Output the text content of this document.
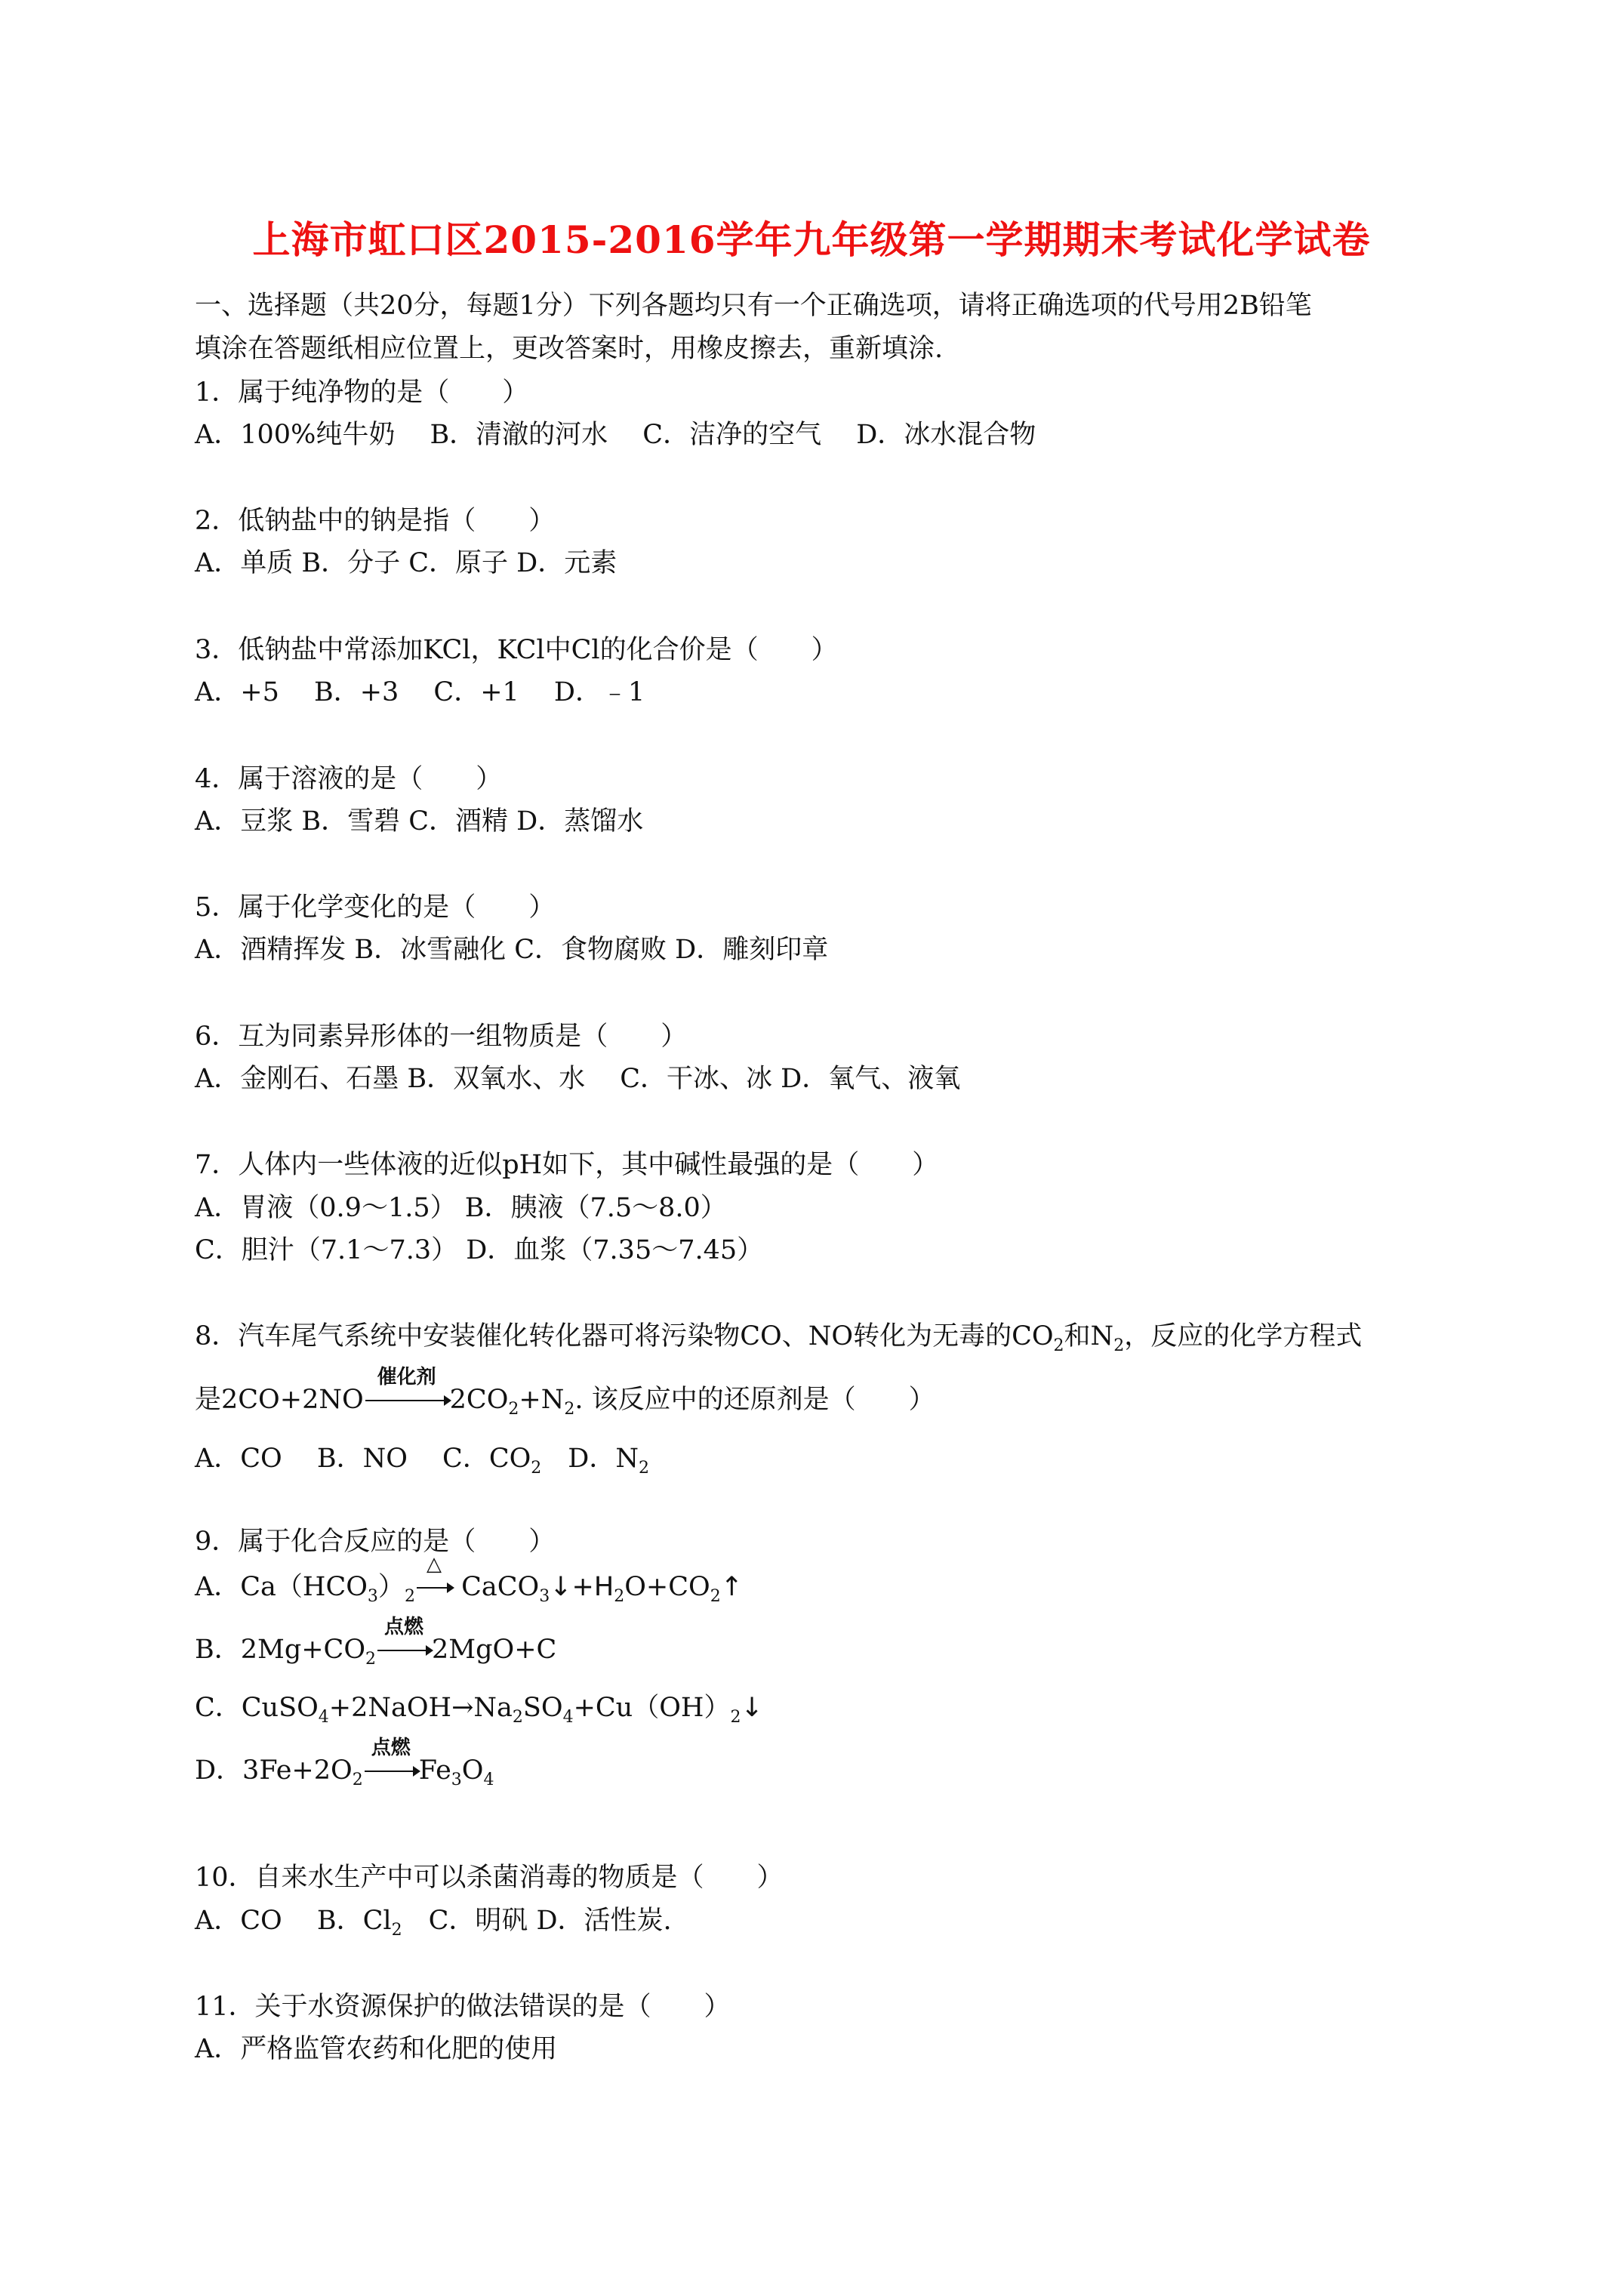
上海市虹口区2015-2016学年九年级第一学期期末考试化学试卷
一、选择题（共20分，每题1分）下列各题均只有一个正确选项，请将正确选项的代号用2B铅笔
填涂在答题纸相应位置上，更改答案时，用橡皮擦去，重新填涂.
1．属于纯净物的是（　　）
A．100%纯牛奶　 B．清澈的河水　 C．洁净的空气　 D．冰水混合物
2．低钠盐中的钠是指（　　）
A．单质 B．分子 C．原子 D．元素
3．低钠盐中常添加KCl，KCl中Cl的化合价是（　　）
A．+5　 B．+3　 C．+1　 D．﹣1
4．属于溶液的是（　　）
A．豆浆 B．雪碧 C．酒精 D．蒸馏水
5．属于化学变化的是（　　）
A．酒精挥发 B．冰雪融化 C．食物腐败 D．雕刻印章
6．互为同素异形体的一组物质是（　　）
A．金刚石、石墨 B．双氧水、水　 C．干冰、冰 D．氧气、液氧
7．人体内一些体液的近似pH如下，其中碱性最强的是（　　）
A．胃液（0.9～1.5） B．胰液（7.5～8.0）
C．胆汁（7.1～7.3） D．血浆（7.35～7.45）
8．汽车尾气系统中安装催化转化器可将污染物CO、NO转化为无毒的$CO_2$和$N_2$，反应的化学方程式
是2CO+2NO
催化剂
$2CO_2+N_2$. 该反应中的还原剂是（　　）
A．CO　 B．NO　 C．$CO_2$　D．$N_2$
9．属于化合反应的是（　　）
A．$Ca(HCO_3)_2$
△
$CaCO_3↓+H_2O+CO_2↑$
B．$2Mg+CO_2$
点燃
2MgO+C
C．$CuSO_4+2NaOH\to Na_2SO_4+Cu(OH)_2↓$
D．$3Fe+2O_2$
点燃
$Fe_3O_4$
10．自来水生产中可以杀菌消毒的物质是（　　）
A．CO　 B．$Cl_2$　C．明矾 D．活性炭.
11．关于水资源保护的做法错误的是（　　）
A．严格监管农药和化肥的使用
